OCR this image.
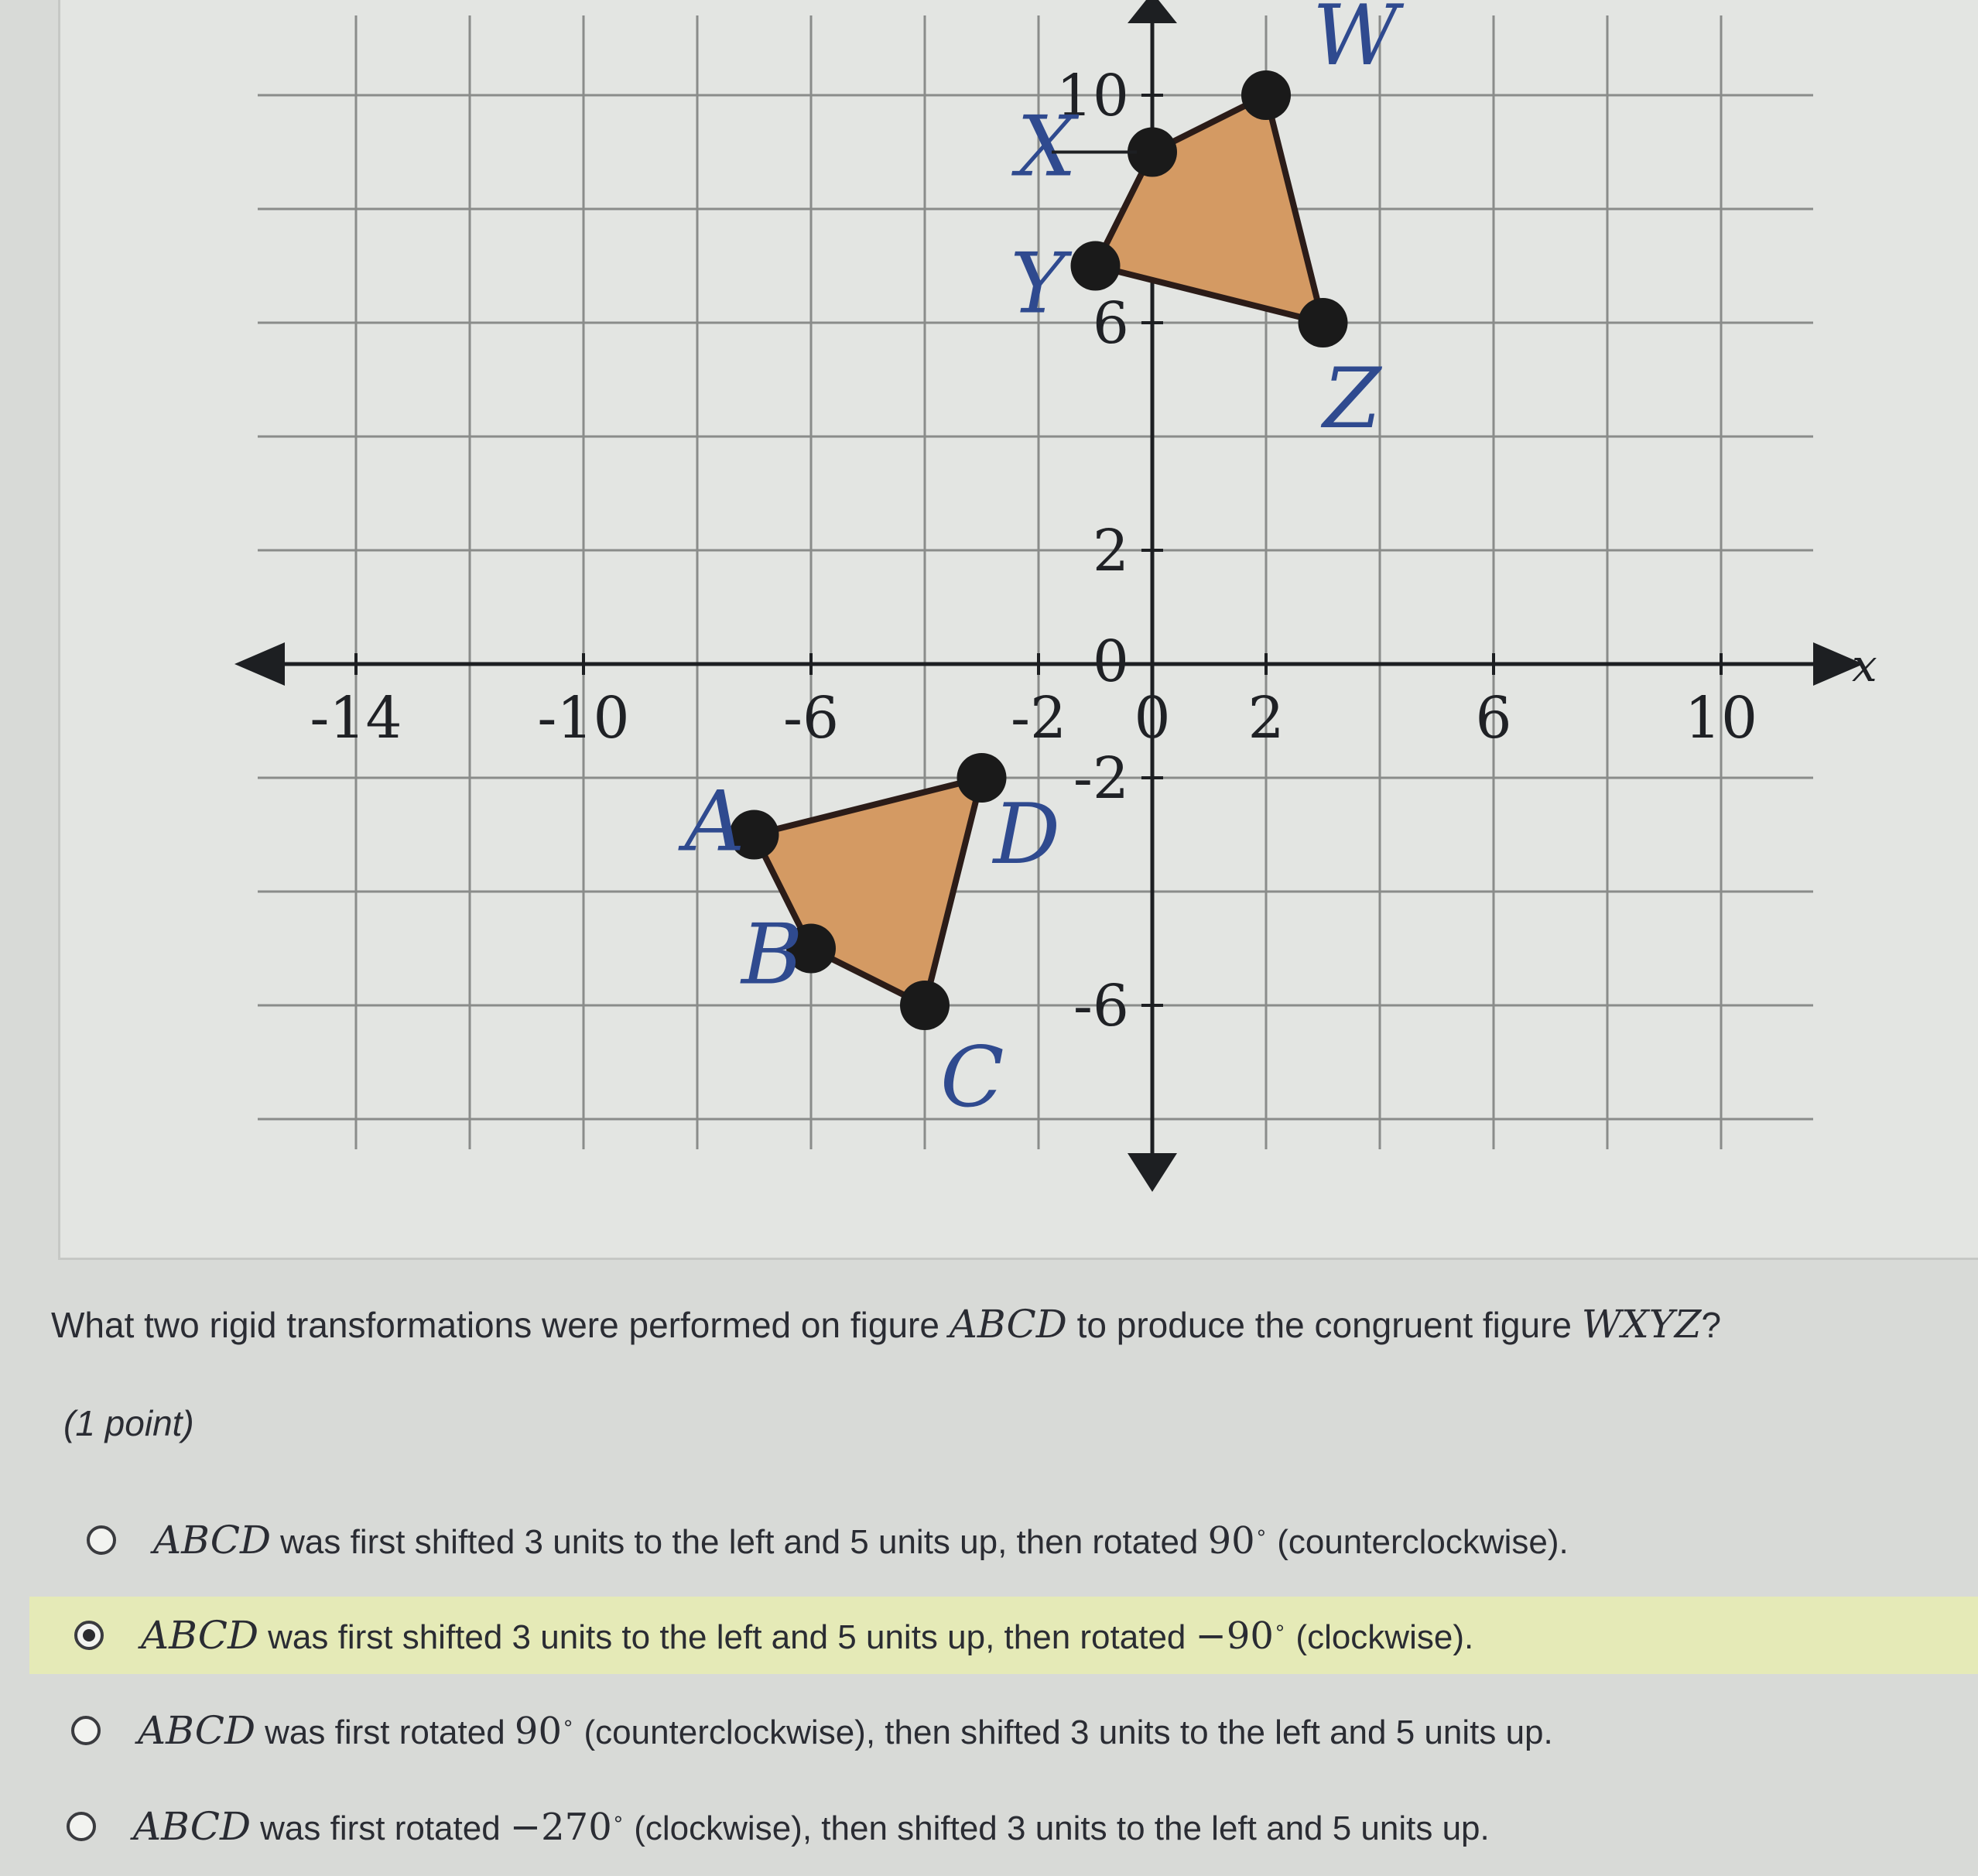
x
-14 -10	-6	-2 0 2	6	10
10
6
2
0
-2
-6
A	D
C
B
X
W
Z
Y
What two rigid transformations were performed on figure ABCD to produce the congruent figure WXYZ?
(1 point)
ABCD was first shifted 3 units to the left and 5 units up, then rotated 90∘ (counterclockwise).
ABCD was first shifted 3 units to the left and 5 units up, then rotated −90∘ (clockwise).
ABCD was first rotated 90∘ (counterclockwise), then shifted 3 units to the left and 5 units up.
ABCD was first rotated −270∘ (clockwise), then shifted 3 units to the left and 5 units up.
